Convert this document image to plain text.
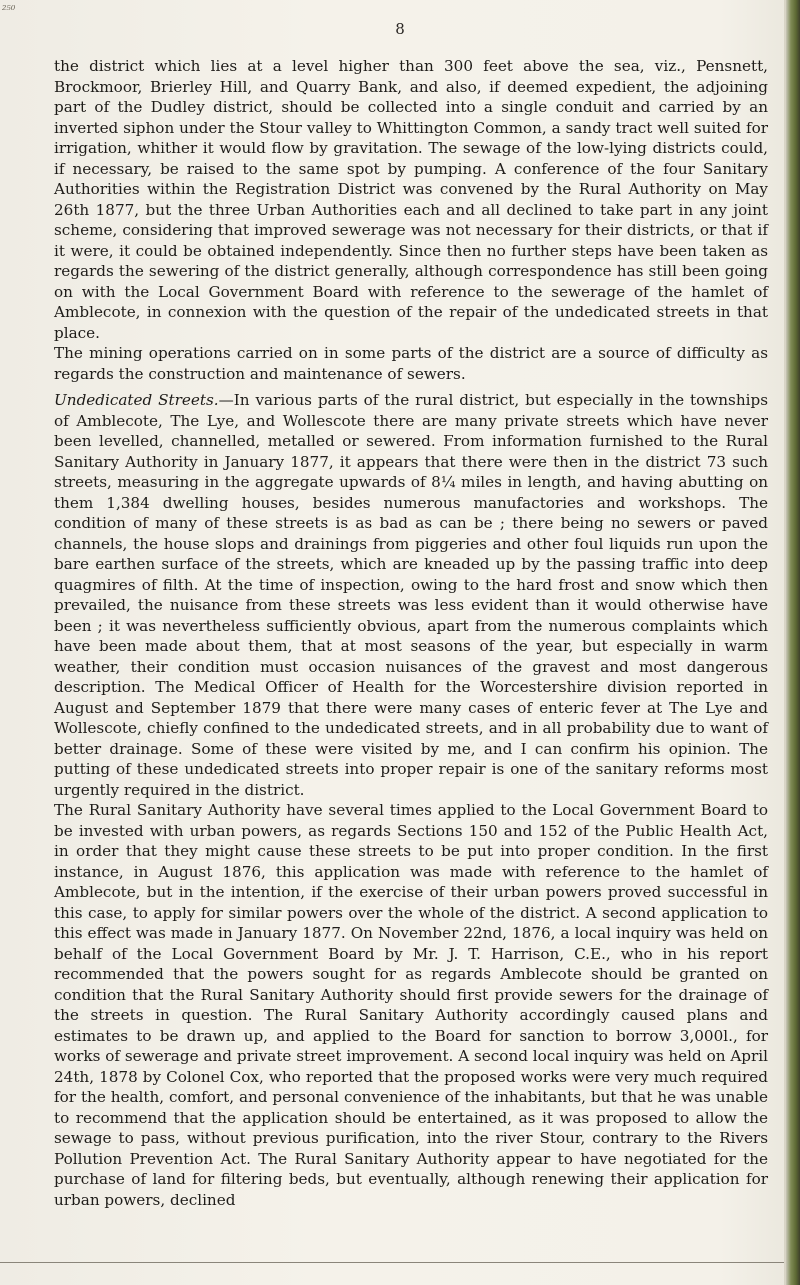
₂₅₀
8

the district which lies at a level higher than 300 feet above the sea, viz., Pensnett, Brockmoor, Brierley Hill, and Quarry Bank, and also, if deemed expedient, the adjoining part of the Dudley district, should be collected into a single conduit and carried by an inverted siphon under the Stour valley to Whittington Common, a sandy tract well suited for irrigation, whither it would flow by gravitation. The sewage of the low-lying districts could, if necessary, be raised to the same spot by pumping. A conference of the four Sanitary Authorities within the Registration District was convened by the Rural Authority on May 26th 1877, but the three Urban Authorities each and all declined to take part in any joint scheme, considering that improved sewerage was not necessary for their districts, or that if it were, it could be obtained independently. Since then no further steps have been taken as regards the sewering of the district generally, although correspondence has still been going on with the Local Government Board with reference to the sewerage of the hamlet of Amblecote, in connexion with the question of the repair of the undedicated streets in that place.

The mining operations carried on in some parts of the district are a source of difficulty as regards the construction and maintenance of sewers.

Undedicated Streets.—In various parts of the rural district, but especially in the townships of Amblecote, The Lye, and Wollescote there are many private streets which have never been levelled, channelled, metalled or sewered. From information furnished to the Rural Sanitary Authority in January 1877, it appears that there were then in the district 73 such streets, measuring in the aggregate upwards of 8¼ miles in length, and having abutting on them 1,384 dwelling houses, besides numerous manufactories and workshops. The condition of many of these streets is as bad as can be ; there being no sewers or paved channels, the house slops and drainings from piggeries and other foul liquids run upon the bare earthen surface of the streets, which are kneaded up by the passing traffic into deep quagmires of filth. At the time of inspection, owing to the hard frost and snow which then prevailed, the nuisance from these streets was less evident than it would otherwise have been ; it was nevertheless sufficiently obvious, apart from the numerous complaints which have been made about them, that at most seasons of the year, but especially in warm weather, their condition must occasion nuisances of the gravest and most dangerous description. The Medical Officer of Health for the Worcestershire division reported in August and September 1879 that there were many cases of enteric fever at The Lye and Wollescote, chiefly confined to the undedicated streets, and in all probability due to want of better drainage. Some of these were visited by me, and I can confirm his opinion. The putting of these undedicated streets into proper repair is one of the sanitary reforms most urgently required in the district.

The Rural Sanitary Authority have several times applied to the Local Government Board to be invested with urban powers, as regards Sections 150 and 152 of the Public Health Act, in order that they might cause these streets to be put into proper condition. In the first instance, in August 1876, this application was made with reference to the hamlet of Amblecote, but in the intention, if the exercise of their urban powers proved successful in this case, to apply for similar powers over the whole of the district. A second application to this effect was made in January 1877. On November 22nd, 1876, a local inquiry was held on behalf of the Local Government Board by Mr. J. T. Harrison, C.E., who in his report recommended that the powers sought for as regards Amblecote should be granted on condition that the Rural Sanitary Authority should first provide sewers for the drainage of the streets in question. The Rural Sanitary Authority accordingly caused plans and estimates to be drawn up, and applied to the Board for sanction to borrow 3,000l., for works of sewerage and private street improvement. A second local inquiry was held on April 24th, 1878 by Colonel Cox, who reported that the proposed works were very much required for the health, comfort, and personal convenience of the inhabitants, but that he was unable to recommend that the application should be entertained, as it was proposed to allow the sewage to pass, without previous purification, into the river Stour, contrary to the Rivers Pollution Prevention Act. The Rural Sanitary Authority appear to have negotiated for the purchase of land for filtering beds, but eventually, although renewing their application for urban powers, declined
